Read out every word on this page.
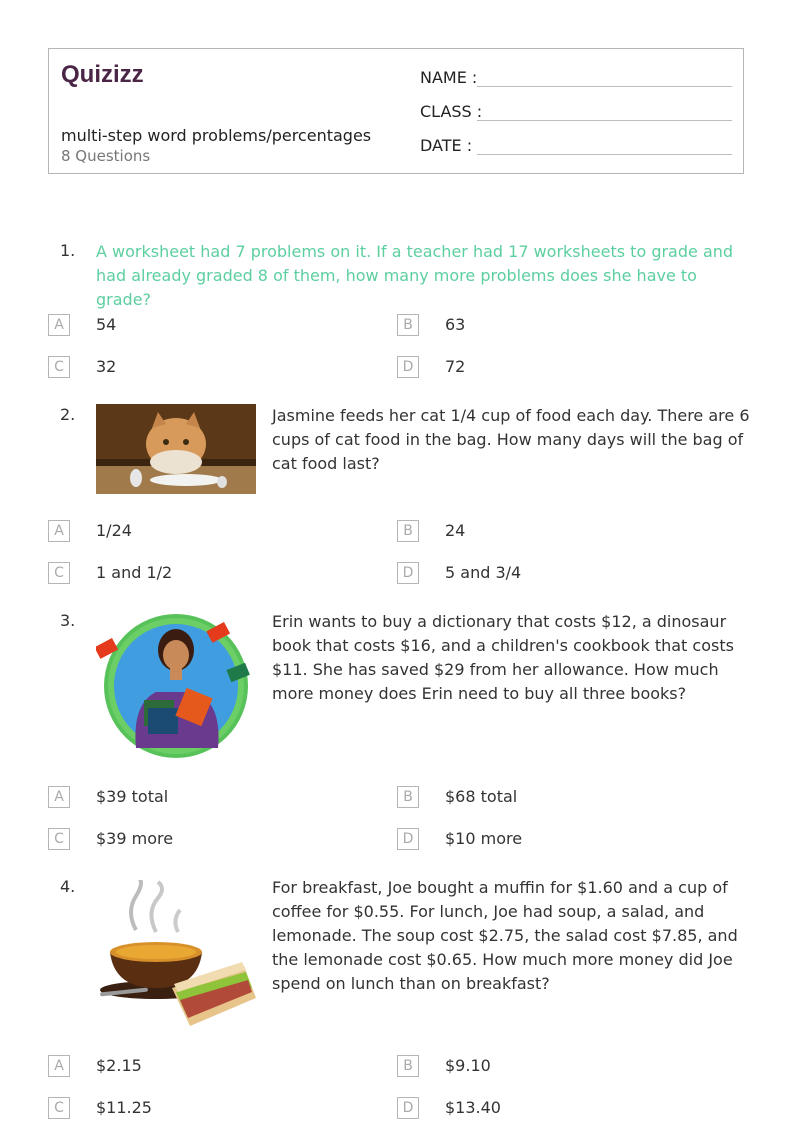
Quizizz
multi-step word problems/percentages
8 Questions
NAME :
CLASS :
DATE :
1. A worksheet had 7 problems on it. If a teacher had 17 worksheets to grade and had already graded 8 of them, how many more problems does she have to grade?
A	54	B	63
C	32	D	72
2.	Jasmine feeds her cat 1/4 cup of food each day. There are 6 cups of cat food in the bag. How many days will the bag of cat food last?
A	1/24	B	24
C	1 and 1/2	D	5 and 3/4
3.	Erin wants to buy a dictionary that costs $12, a dinosaur book that costs $16, and a children's cookbook that costs $11. She has saved $29 from her allowance. How much more money does Erin need to buy all three books?
A	$39 total	B	$68 total
C	$39 more	D	$10 more
4.	For breakfast, Joe bought a muffin for $1.60 and a cup of coffee for $0.55. For lunch, Joe had soup, a salad, and lemonade. The soup cost $2.75, the salad cost $7.85, and the lemonade cost $0.65. How much more money did Joe spend on lunch than on breakfast?
A	$2.15	B	$9.10
C	$11.25	D	$13.40
